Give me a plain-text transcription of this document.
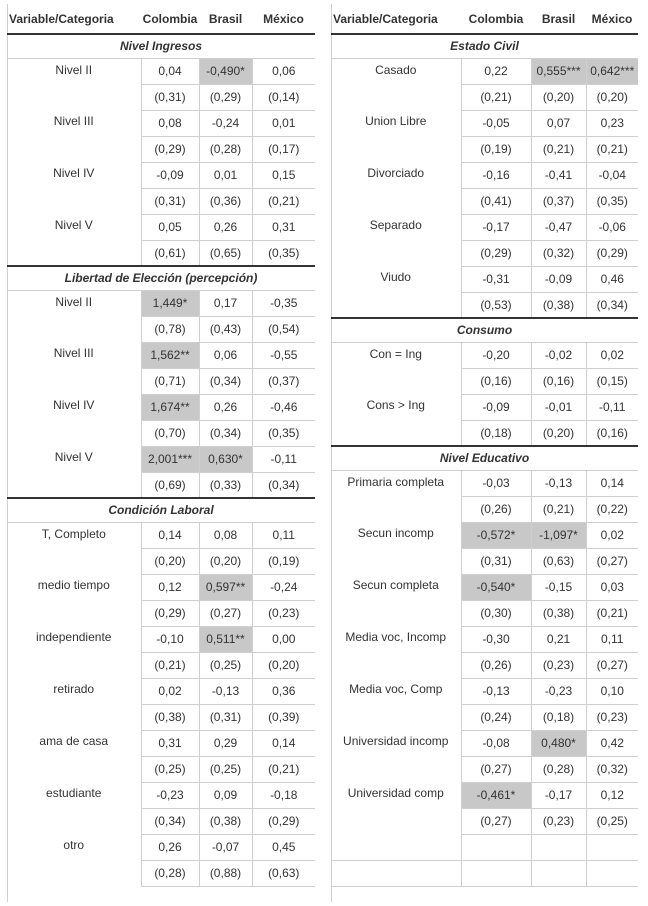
Variable/Categoria	Colombia	Brasil	México
Nivel Ingresos			
Nivel II	0,04	-0,490*	0,06
	(0,31)	(0,29)	(0,14)
Nivel III	0,08	-0,24	0,01
	(0,29)	(0,28)	(0,17)
Nivel IV	-0,09	0,01	0,15
	(0,31)	(0,36)	(0,21)
Nivel V	0,05	0,26	0,31
	(0,61)	(0,65)	(0,35)
Libertad de Elección (percepción)			
Nivel II	1,449*	0,17	-0,35
	(0,78)	(0,43)	(0,54)
Nivel III	1,562**	0,06	-0,55
	(0,71)	(0,34)	(0,37)
Nivel IV	1,674**	0,26	-0,46
	(0,70)	(0,34)	(0,35)
Nivel V	2,001***	0,630*	-0,11
	(0,69)	(0,33)	(0,34)
Condición Laboral			
T, Completo	0,14	0,08	0,11
	(0,20)	(0,20)	(0,19)
medio tiempo	0,12	0,597**	-0,24
	(0,29)	(0,27)	(0,23)
independiente	-0,10	0,511**	0,00
	(0,21)	(0,25)	(0,20)
retirado	0,02	-0,13	0,36
	(0,38)	(0,31)	(0,39)
ama de casa	0,31	0,29	0,14
	(0,25)	(0,25)	(0,21)
estudiante	-0,23	0,09	-0,18
	(0,34)	(0,38)	(0,29)
otro	0,26	-0,07	0,45
	(0,28)	(0,88)	(0,63)
Variable/Categoria	Colombia	Brasil	México
Estado Civil			
Casado	0,22	0,555***	0,642***
	(0,21)	(0,20)	(0,20)
Union Libre	-0,05	0,07	0,23
	(0,19)	(0,21)	(0,21)
Divorciado	-0,16	-0,41	-0,04
	(0,41)	(0,37)	(0,35)
Separado	-0,17	-0,47	-0,06
	(0,29)	(0,32)	(0,29)
Viudo	-0,31	-0,09	0,46
	(0,53)	(0,38)	(0,34)
Consumo			
Con = Ing	-0,20	-0,02	0,02
	(0,16)	(0,16)	(0,15)
Cons > Ing	-0,09	-0,01	-0,11
	(0,18)	(0,20)	(0,16)
Nivel Educativo			
Primaria completa	-0,03	-0,13	0,14
	(0,26)	(0,21)	(0,22)
Secun incomp	-0,572*	-1,097*	0,02
	(0,31)	(0,63)	(0,27)
Secun completa	-0,540*	-0,15	0,03
	(0,30)	(0,38)	(0,21)
Media voc, Incomp	-0,30	0,21	0,11
	(0,26)	(0,23)	(0,27)
Media voc, Comp	-0,13	-0,23	0,10
	(0,24)	(0,18)	(0,23)
Universidad incomp	-0,08	0,480*	0,42
	(0,27)	(0,28)	(0,32)
Universidad comp	-0,461*	-0,17	0,12
	(0,27)	(0,23)	(0,25)
